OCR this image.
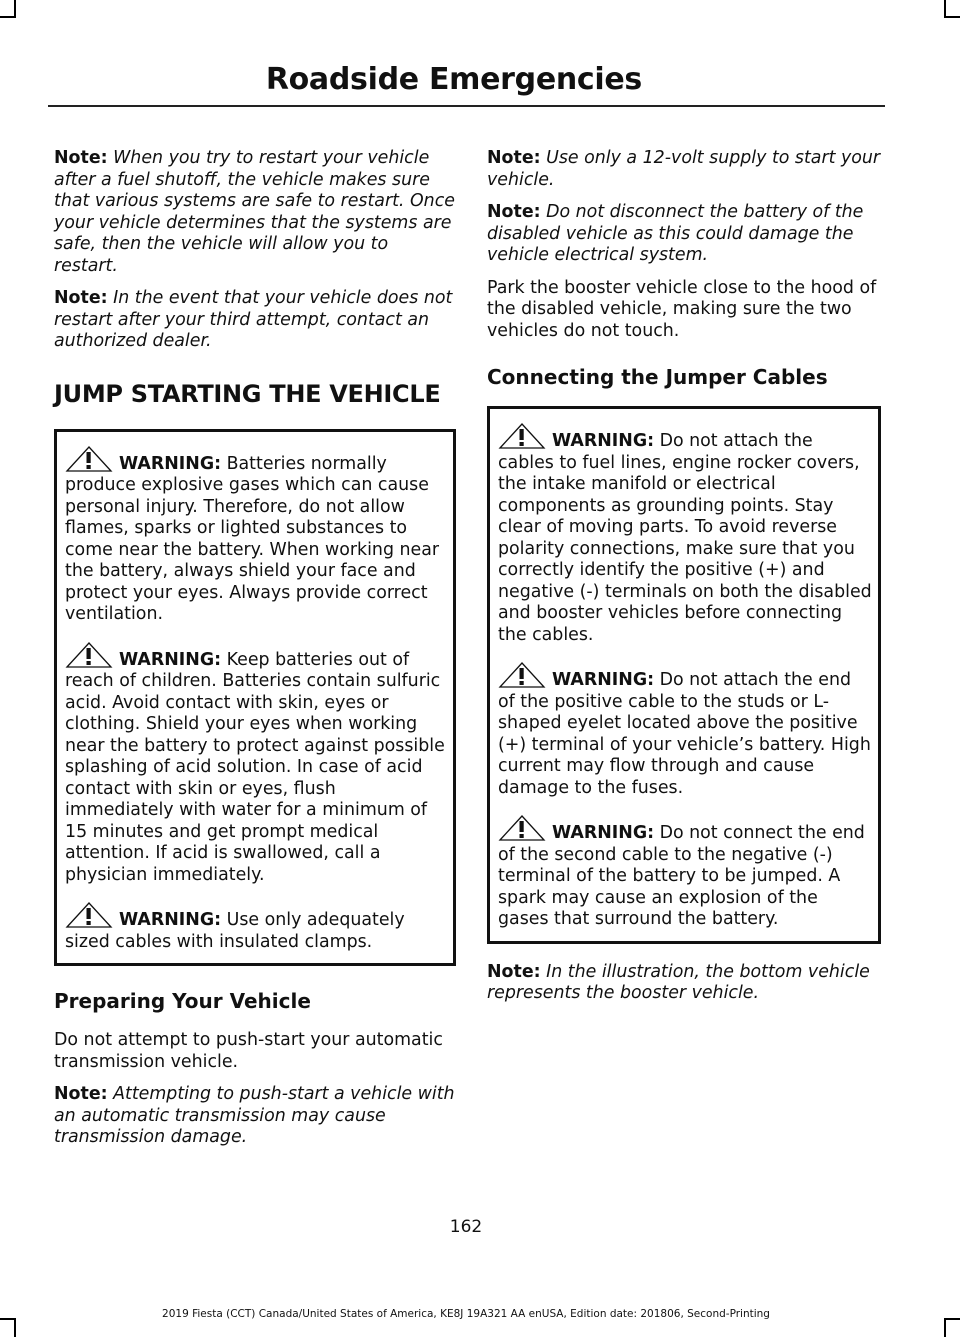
Roadside Emergencies

Note: When you try to restart your vehicle after a fuel shutoff, the vehicle makes sure that various systems are safe to restart. Once your vehicle determines that the systems are safe, then the vehicle will allow you to restart.

Note: In the event that your vehicle does not restart after your third attempt, contact an authorized dealer.

JUMP STARTING THE VEHICLE

WARNING: Batteries normally produce explosive gases which can cause personal injury. Therefore, do not allow flames, sparks or lighted substances to come near the battery. When working near the battery, always shield your face and protect your eyes. Always provide correct ventilation.

WARNING: Keep batteries out of reach of children. Batteries contain sulfuric acid. Avoid contact with skin, eyes or clothing. Shield your eyes when working near the battery to protect against possible splashing of acid solution. In case of acid contact with skin or eyes, flush immediately with water for a minimum of 15 minutes and get prompt medical attention. If acid is swallowed, call a physician immediately.

WARNING: Use only adequately sized cables with insulated clamps.

Preparing Your Vehicle

Do not attempt to push-start your automatic transmission vehicle.

Note: Attempting to push-start a vehicle with an automatic transmission may cause transmission damage.

Note: Use only a 12-volt supply to start your vehicle.

Note: Do not disconnect the battery of the disabled vehicle as this could damage the vehicle electrical system.

Park the booster vehicle close to the hood of the disabled vehicle, making sure the two vehicles do not touch.

Connecting the Jumper Cables

WARNING: Do not attach the cables to fuel lines, engine rocker covers, the intake manifold or electrical components as grounding points. Stay clear of moving parts. To avoid reverse polarity connections, make sure that you correctly identify the positive (+) and negative (-) terminals on both the disabled and booster vehicles before connecting the cables.

WARNING: Do not attach the end of the positive cable to the studs or L-shaped eyelet located above the positive (+) terminal of your vehicle’s battery. High current may flow through and cause damage to the fuses.

WARNING: Do not connect the end of the second cable to the negative (-) terminal of the battery to be jumped. A spark may cause an explosion of the gases that surround the battery.

Note: In the illustration, the bottom vehicle represents the booster vehicle.

162
2019 Fiesta (CCT) Canada/United States of America, KE8J 19A321 AA enUSA, Edition date: 201806, Second-Printing
